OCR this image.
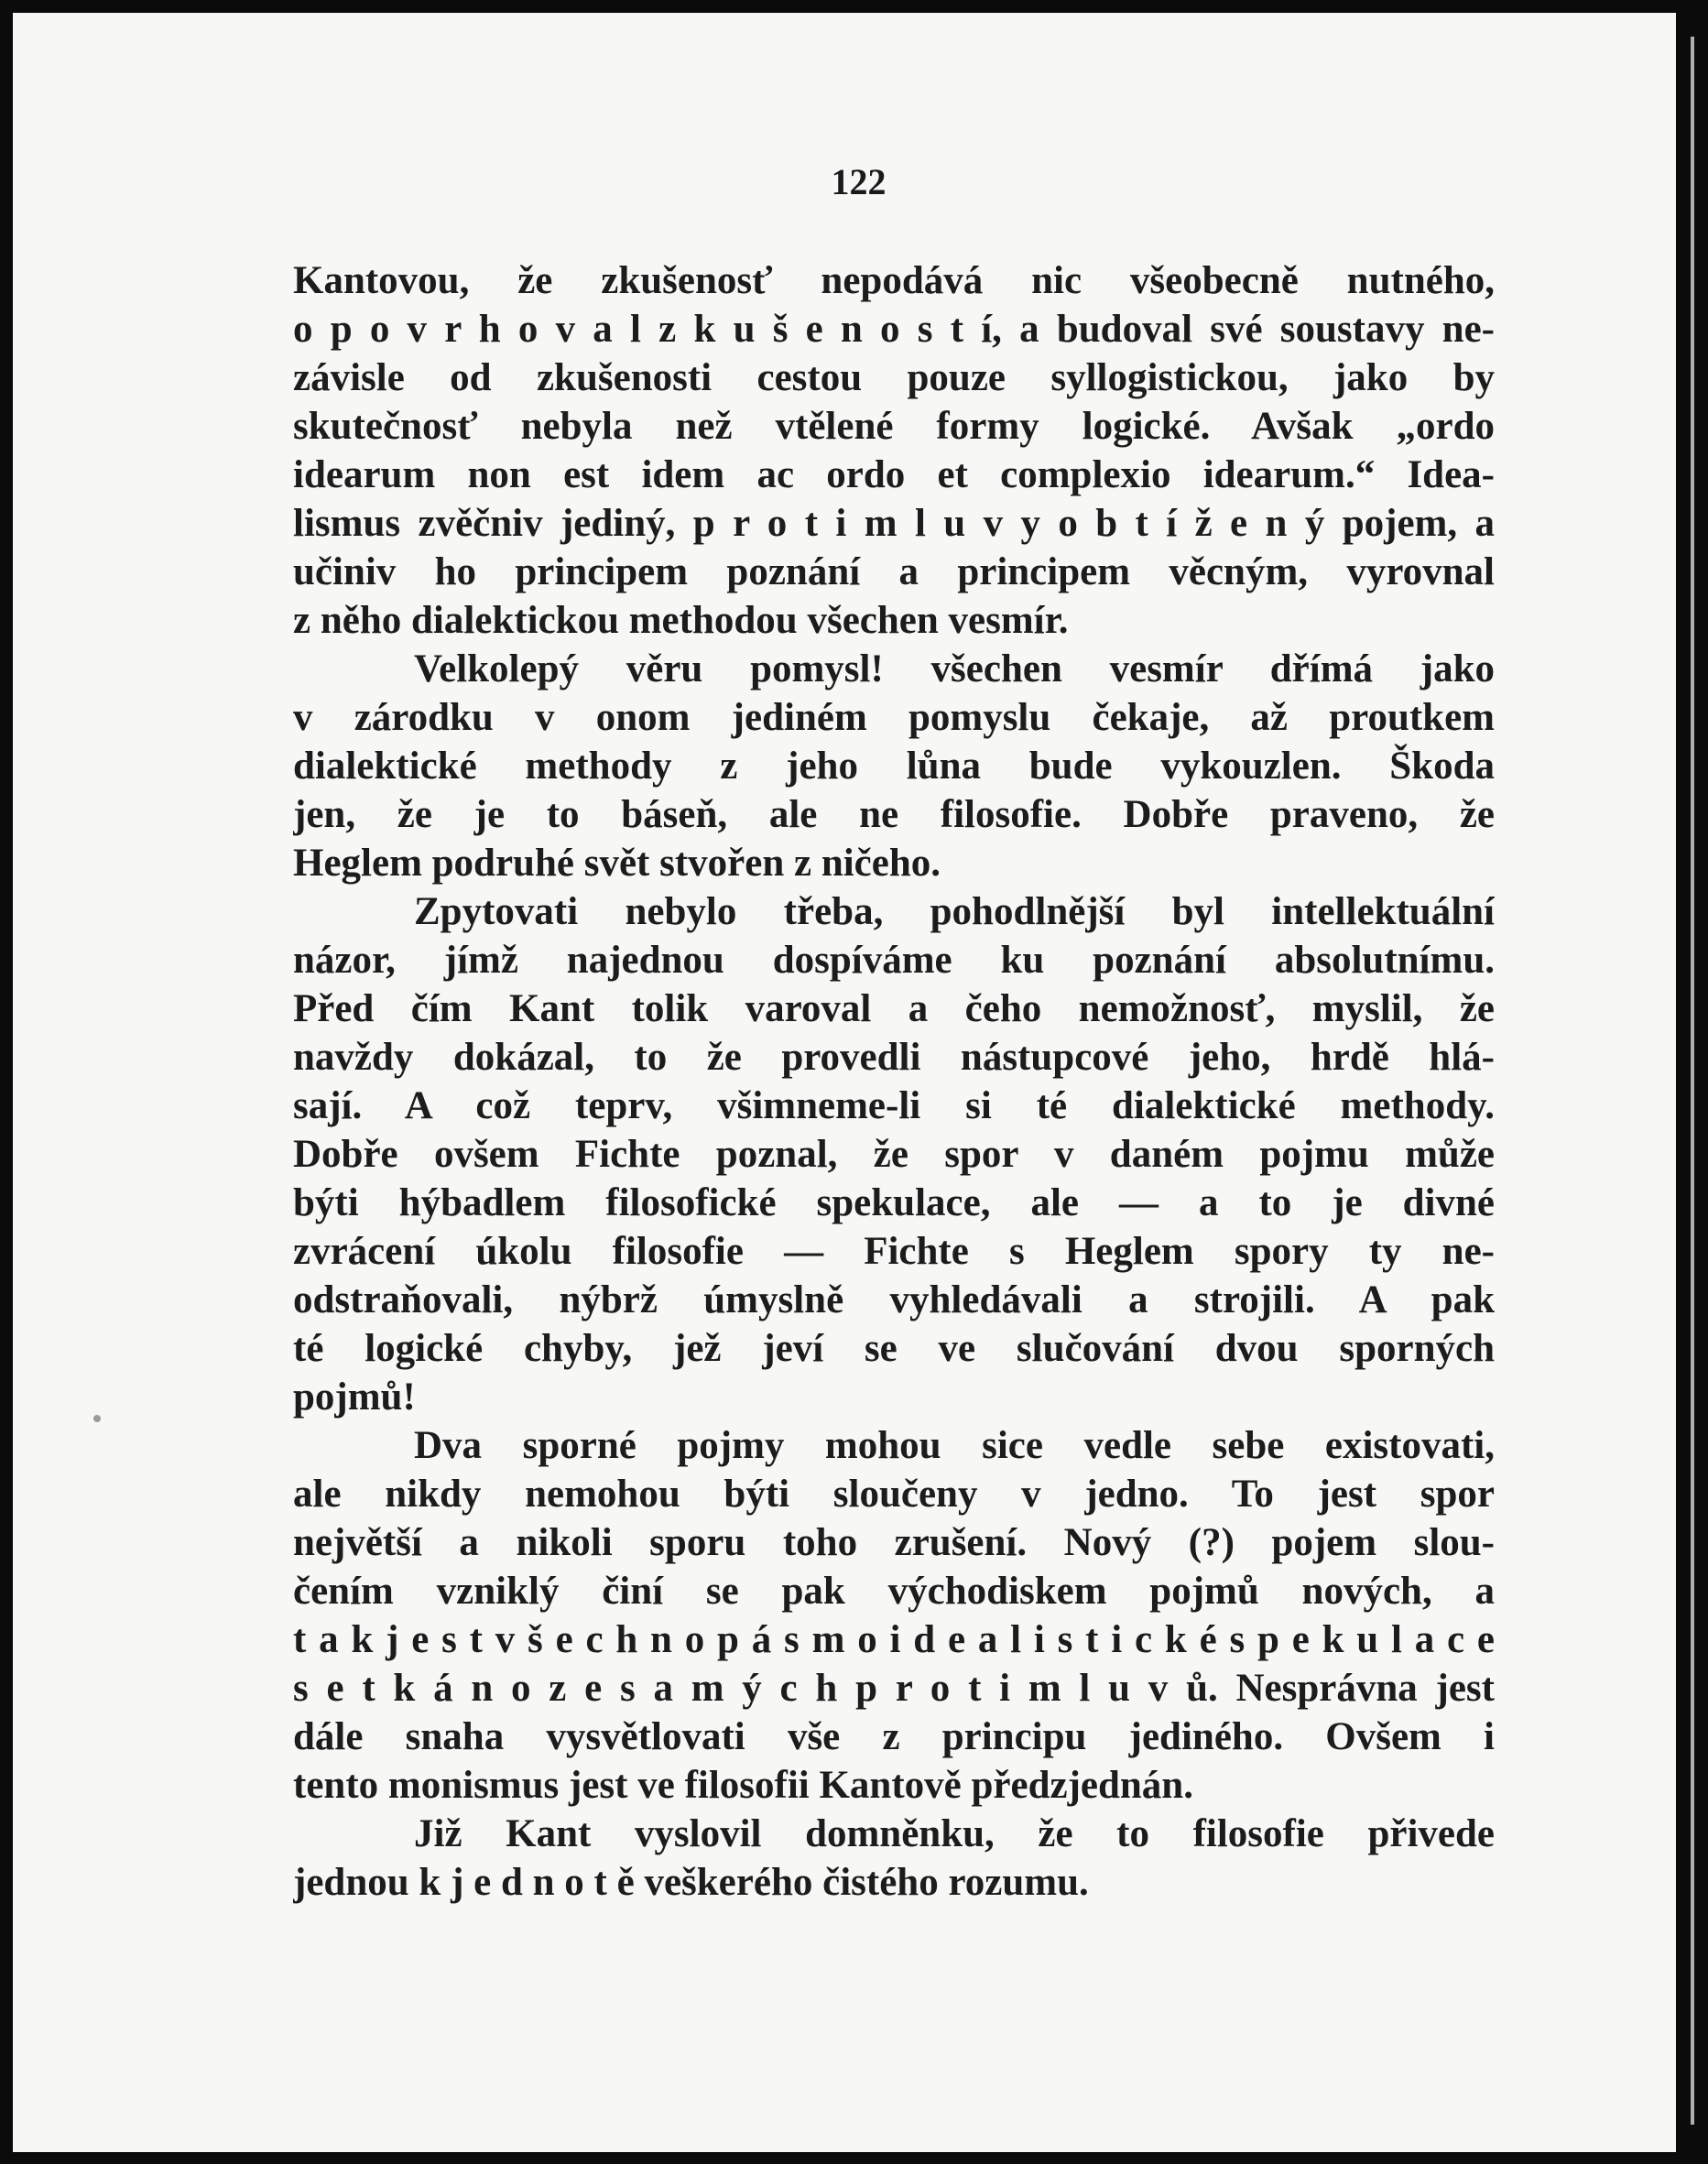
122
Kantovou, že zkušenosť nepodává nic všeobecně nutného,
o p o v r h o v a l z k u š e n o s t í, a budoval své soustavy ne-
závisle od zkušenosti cestou pouze syllogistickou, jako by
skutečnosť nebyla než vtělené formy logické. Avšak „ordo
idearum non est idem ac ordo et complexio idearum.“ Idea-
lismus zvěčniv jediný, p r o t i m l u v y o b t í ž e n ý pojem, a
učiniv ho principem poznání a principem věcným, vyrovnal
z něho dialektickou methodou všechen vesmír.
Velkolepý věru pomysl! všechen vesmír dřímá jako
v zárodku v onom jediném pomyslu čekaje, až proutkem
dialektické methody z jeho lůna bude vykouzlen. Škoda
jen, že je to báseň, ale ne filosofie. Dobře praveno, že
Heglem podruhé svět stvořen z ničeho.
Zpytovati nebylo třeba, pohodlnější byl intellektuální
názor, jímž najednou dospíváme ku poznání absolutnímu.
Před čím Kant tolik varoval a čeho nemožnosť, myslil, že
navždy dokázal, to že provedli nástupcové jeho, hrdě hlá-
sají. A což teprv, všimneme-li si té dialektické methody.
Dobře ovšem Fichte poznal, že spor v daném pojmu může
býti hýbadlem filosofické spekulace, ale — a to je divné
zvrácení úkolu filosofie — Fichte s Heglem spory ty ne-
odstraňovali, nýbrž úmyslně vyhledávali a strojili. A pak
té logické chyby, jež jeví se ve slučování dvou sporných
pojmů!
Dva sporné pojmy mohou sice vedle sebe existovati,
ale nikdy nemohou býti sloučeny v jedno. To jest spor
největší a nikoli sporu toho zrušení. Nový (?) pojem slou-
čením vzniklý činí se pak východiskem pojmů nových, a
t a k j e s t v š e c h n o p á s m o i d e a l i s t i c k é s p e k u l a c e
s e t k á n o z e s a m ý c h p r o t i m l u v ů. Nesprávna jest
dále snaha vysvětlovati vše z principu jediného. Ovšem i
tento monismus jest ve filosofii Kantově předzjednán.
Již Kant vyslovil domněnku, že to filosofie přivede
jednou k j e d n o t ě veškerého čistého rozumu.
